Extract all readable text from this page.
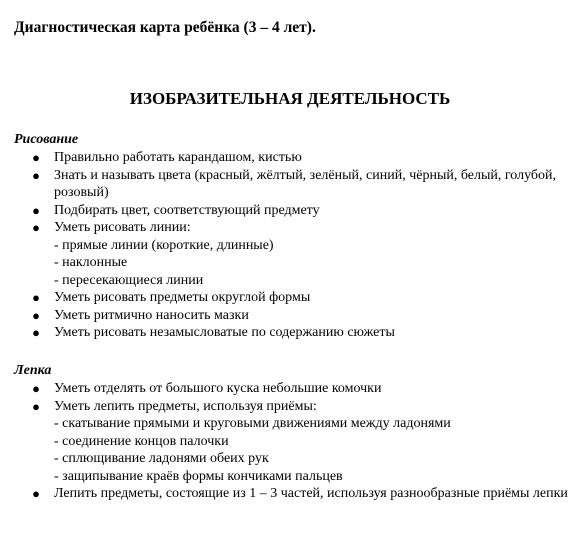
Диагностическая карта ребёнка (3 – 4 лет).
ИЗОБРАЗИТЕЛЬНАЯ ДЕЯТЕЛЬНОСТЬ
Рисование
● Правильно работать карандашом, кистью
● Знать и называть цвета (красный, жёлтый, зелёный, синий, чёрный, белый, голубой, розовый)
● Подбирать цвет, соответствующий предмету
● Уметь рисовать линии:
- прямые линии (короткие, длинные)
- наклонные
- пересекающиеся линии
● Уметь рисовать предметы округлой формы
● Уметь ритмично наносить мазки
● Уметь рисовать незамысловатые по содержанию сюжеты
Лепка
● Уметь отделять от большого куска небольшие комочки
● Уметь лепить предметы, используя приёмы:
- скатывание прямыми и круговыми движениями между ладонями
- соединение концов палочки
- сплющивание ладонями обеих рук
- защипывание краёв формы кончиками пальцев
● Лепить предметы, состоящие из 1 – 3 частей, используя разнообразные приёмы лепки
